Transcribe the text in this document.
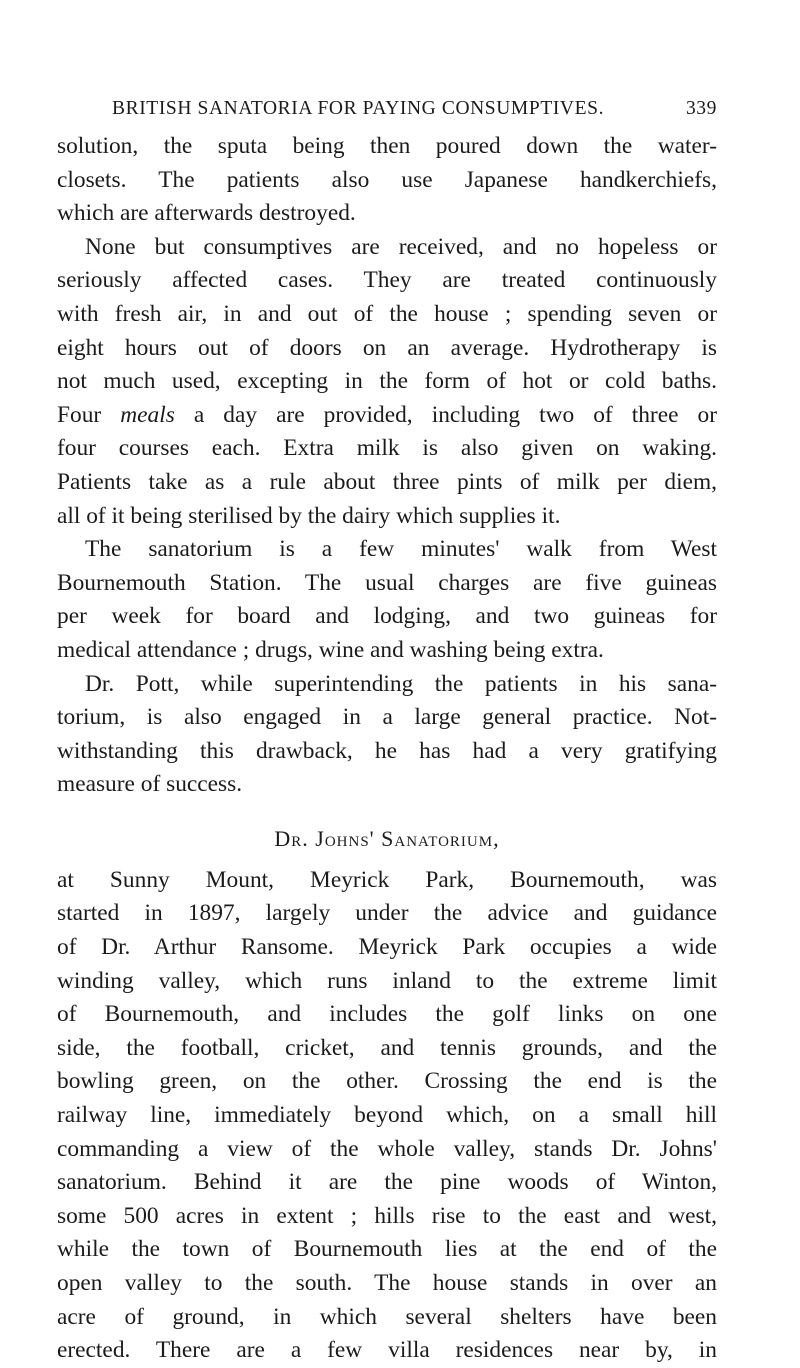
BRITISH SANATORIA FOR PAYING CONSUMPTIVES.	339
solution, the sputa being then poured down the water-
closets. The patients also use Japanese handkerchiefs,
which are afterwards destroyed.
None but consumptives are received, and no hopeless or
seriously affected cases. They are treated continuously
with fresh air, in and out of the house ; spending seven or
eight hours out of doors on an average. Hydrotherapy is
not much used, excepting in the form of hot or cold baths.
Four meals a day are provided, including two of three or
four courses each. Extra milk is also given on waking.
Patients take as a rule about three pints of milk per diem,
all of it being sterilised by the dairy which supplies it.
The sanatorium is a few minutes' walk from West
Bournemouth Station. The usual charges are five guineas
per week for board and lodging, and two guineas for
medical attendance ; drugs, wine and washing being extra.
Dr. Pott, while superintending the patients in his sana-
torium, is also engaged in a large general practice. Not-
withstanding this drawback, he has had a very gratifying
measure of success.
Dr. Johns' Sanatorium,
at Sunny Mount, Meyrick Park, Bournemouth, was
started in 1897, largely under the advice and guidance
of Dr. Arthur Ransome. Meyrick Park occupies a wide
winding valley, which runs inland to the extreme limit
of Bournemouth, and includes the golf links on one
side, the football, cricket, and tennis grounds, and the
bowling green, on the other. Crossing the end is the
railway line, immediately beyond which, on a small hill
commanding a view of the whole valley, stands Dr. Johns'
sanatorium. Behind it are the pine woods of Winton,
some 500 acres in extent ; hills rise to the east and west,
while the town of Bournemouth lies at the end of the
open valley to the south. The house stands in over an
acre of ground, in which several shelters have been
erected. There are a few villa residences near by, in
